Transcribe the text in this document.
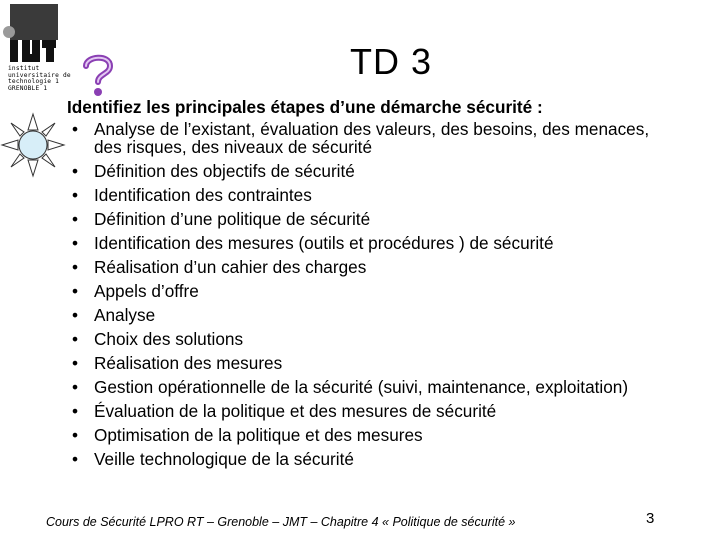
institut
universitaire de
technologie 1
GRENOBLE 1
TD 3
Identifiez les principales étapes d’une démarche sécurité :
• Analyse de l’existant, évaluation des valeurs, des besoins, des menaces, des risques, des niveaux de sécurité
• Définition des objectifs de sécurité
• Identification des contraintes
• Définition d’une politique de sécurité
• Identification des mesures (outils et procédures ) de sécurité
• Réalisation d’un cahier des charges
• Appels d’offre
• Analyse
• Choix des solutions
• Réalisation des mesures
• Gestion opérationnelle de la sécurité (suivi, maintenance, exploitation)
• Évaluation de la politique et des mesures de sécurité
• Optimisation de la politique et des mesures
• Veille technologique de la sécurité
Cours de Sécurité LPRO RT – Grenoble – JMT – Chapitre 4 « Politique de sécurité »	3
